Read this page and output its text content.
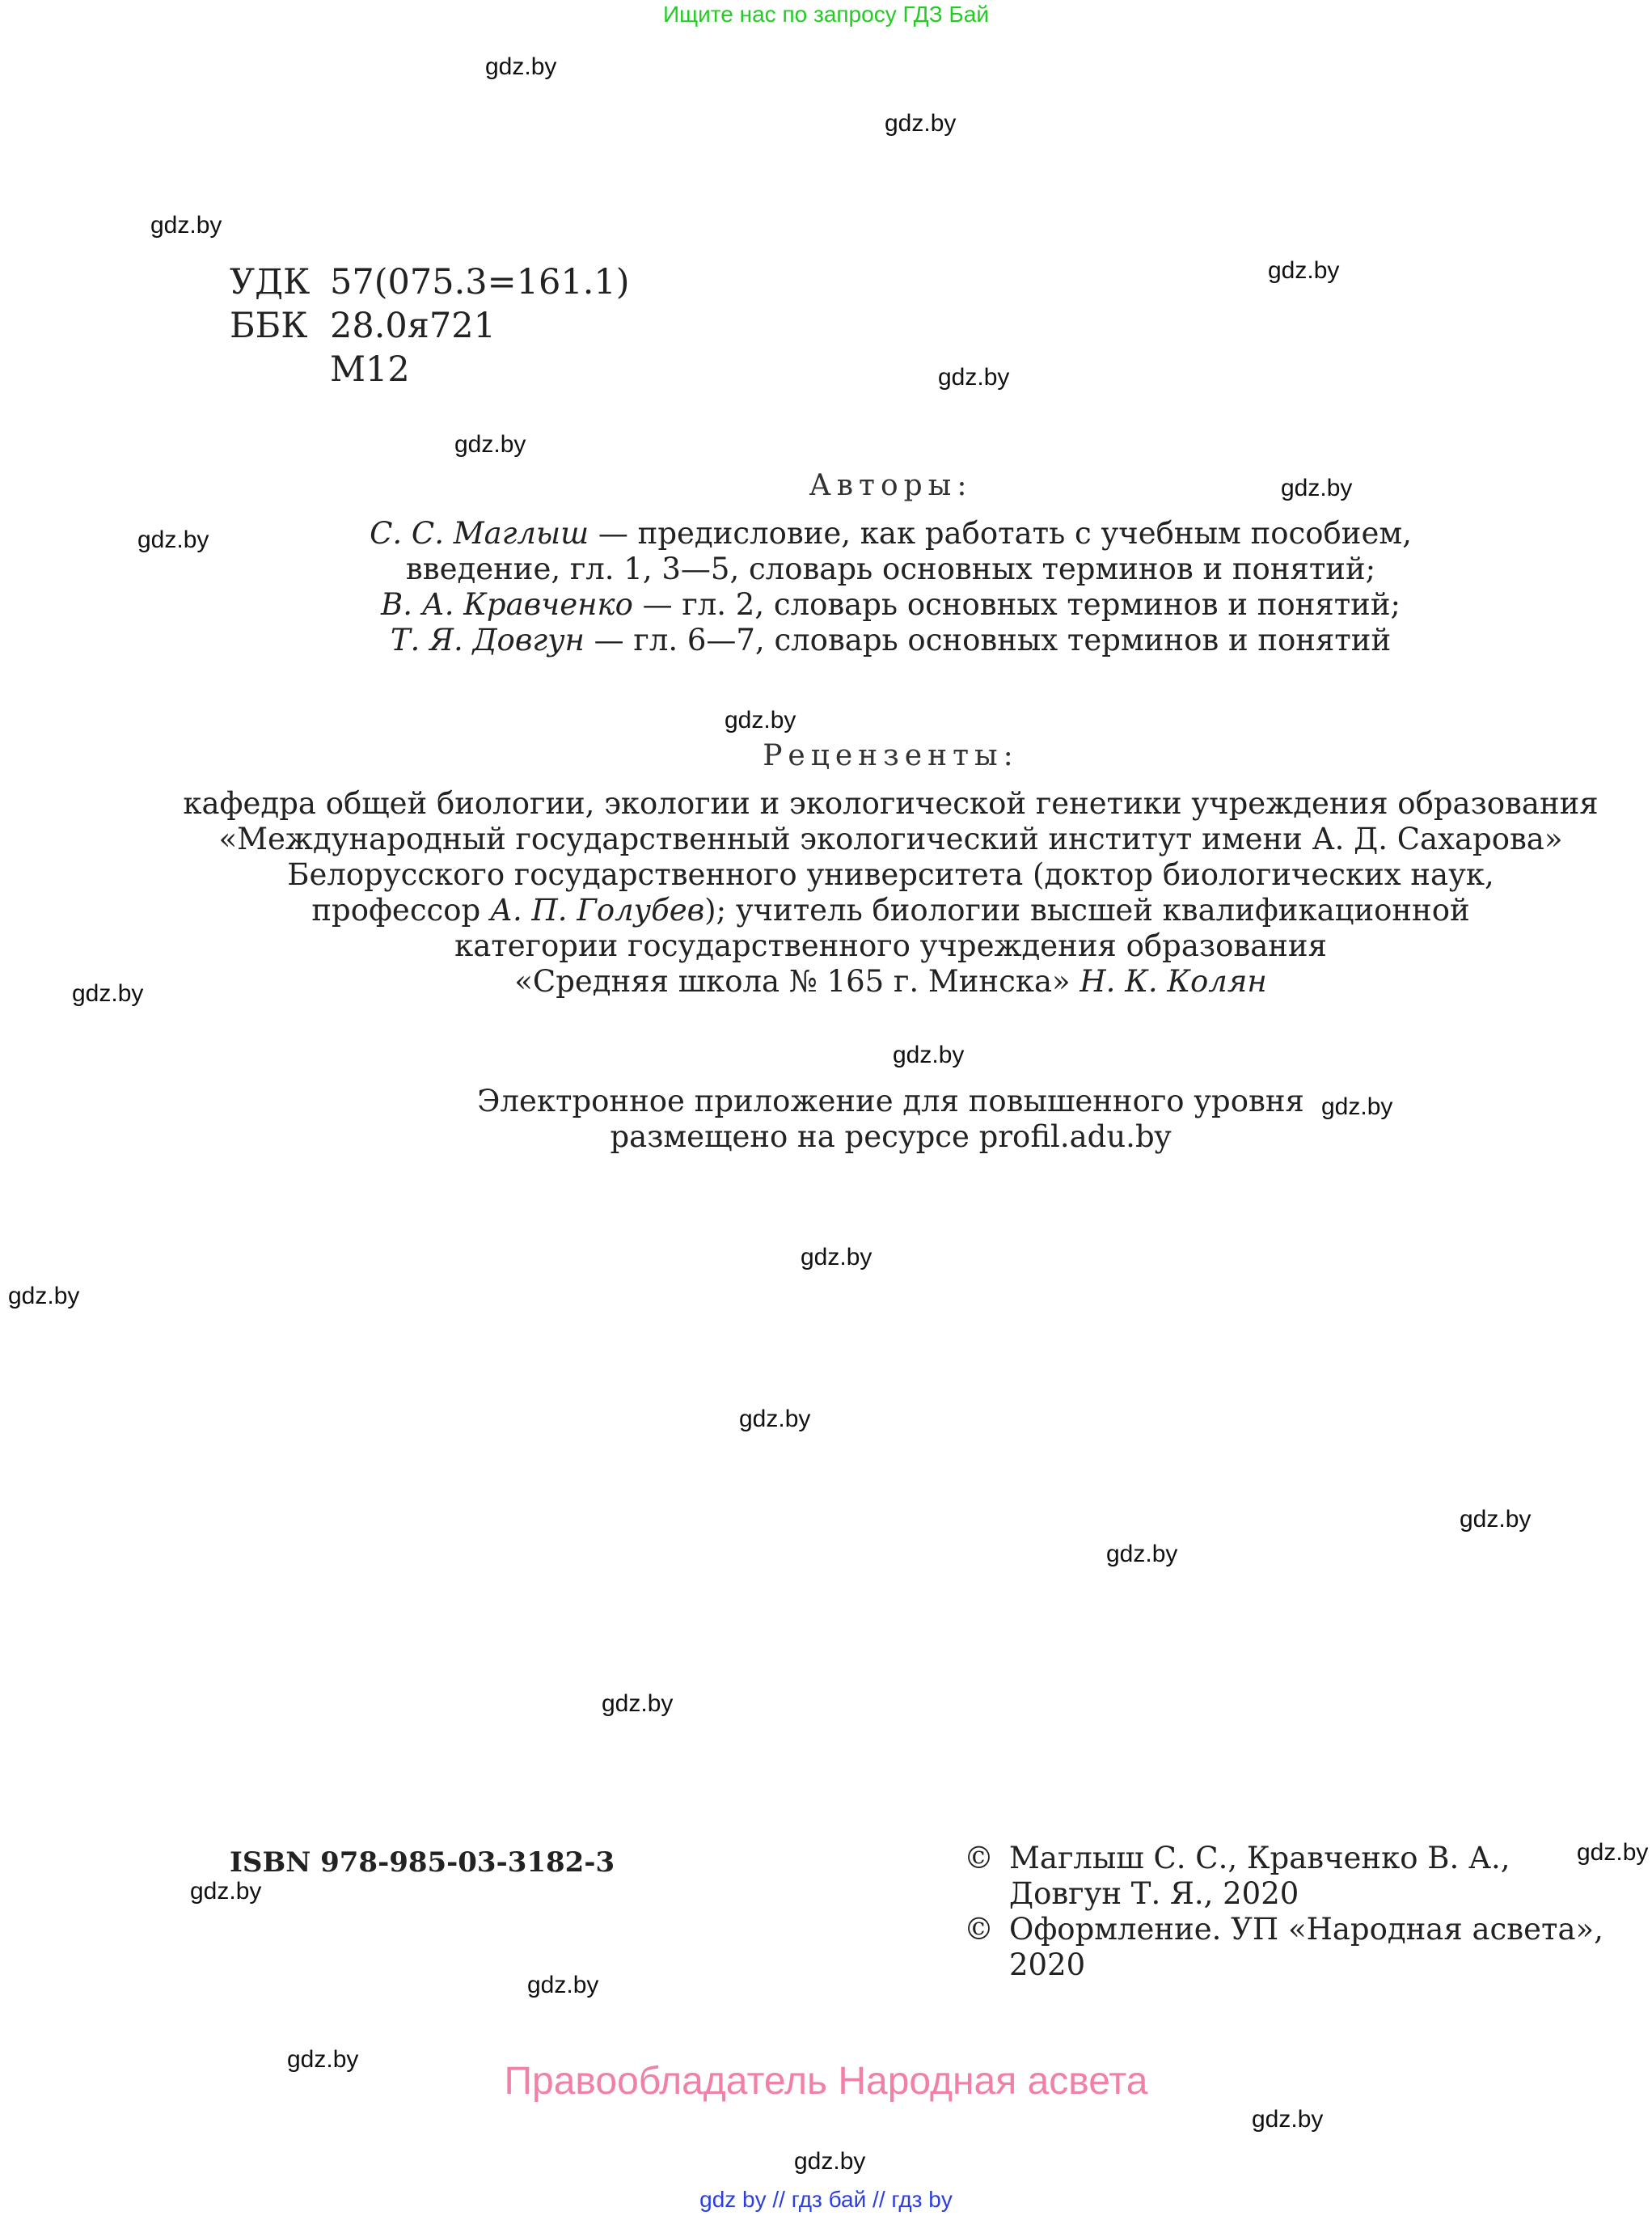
Ищите нас по запросу ГДЗ Бай
gdz.by
gdz.by
gdz.by
gdz.by
gdz.by
gdz.by
gdz.by
gdz.by
gdz.by
gdz.by
gdz.by
gdz.by
gdz.by
gdz.by
gdz.by
gdz.by
gdz.by
gdz.by
gdz.by
gdz.by
gdz.by
gdz.by
gdz.by
gdz.by
УДК 57(075.3=161.1)
ББК 28.0я721
М12
Авторы:
С. С. Маглыш — предисловие, как работать с учебным пособием,
введение, гл. 1, 3—5, словарь основных терминов и понятий;
В. А. Кравченко — гл. 2, словарь основных терминов и понятий;
Т. Я. Довгун — гл. 6—7, словарь основных терминов и понятий
Рецензенты:
кафедра общей биологии, экологии и экологической генетики учреждения образования
«Международный государственный экологический институт имени А. Д. Сахарова»
Белорусского государственного университета (доктор биологических наук,
профессор А. П. Голубев); учитель биологии высшей квалификационной
категории государственного учреждения образования
«Средняя школа № 165 г. Минска» Н. К. Колян
Электронное приложение для повышенного уровня
размещено на ресурсе profil.adu.by
ISBN 978-985-03-3182-3	© Маглыш С. С., Кравченко В. А.,
Довгун Т. Я., 2020
© Оформление. УП «Народная асвета»,
2020
Правообладатель Народная асвета
gdz by // гдз бай // гдз by
